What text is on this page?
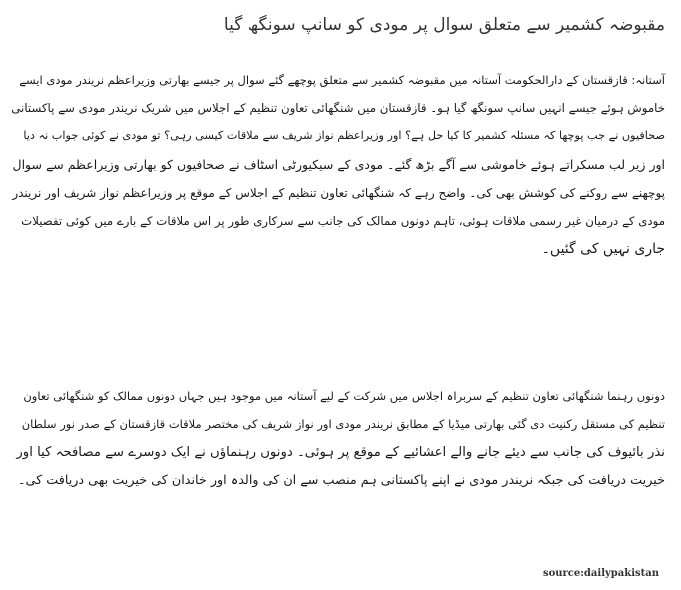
مقبوضہ کشمیر سے متعلق سوال پر مودی کو سانپ سونگھ گیا
آستانہ: قازقستان کے دارالحکومت آستانہ میں مقبوضہ کشمیر سے متعلق پوچھے گئے سوال پر جیسے بھارتی وزیراعظم نریندر مودی ایسے
خاموش ہوئے جیسے انہیں سانپ سونگھ گیا ہو۔ قازقستان میں شنگھائی تعاون تنظیم کے اجلاس میں شریک نریندر مودی سے پاکستانی
صحافیوں نے جب پوچھا کہ مسئلہ کشمیر کا کیا حل ہے؟ اور وزیراعظم نواز شریف سے ملاقات کیسی رہی؟ تو مودی نے کوئی جواب نہ دیا
اور زیر لب مسکراتے ہوئے خاموشی سے آگے بڑھ گئے۔ مودی کے سیکیورٹی اسٹاف نے صحافیوں کو بھارتی وزیراعظم سے سوال
پوچھنے سے روکنے کی کوشش بھی کی۔ واضح رہے کہ شنگھائی تعاون تنظیم کے اجلاس کے موقع پر وزیراعظم نواز شریف اور نریندر
مودی کے درمیان غیر رسمی ملاقات ہوئی، تاہم دونوں ممالک کی جانب سے سرکاری طور پر اس ملاقات کے بارے میں کوئی تفصیلات
جاری نہیں کی گئیں۔
دونوں رہنما شنگھائی تعاون تنظیم کے سربراہ اجلاس میں شرکت کے لیے آستانہ میں موجود ہیں جہاں دونوں ممالک کو شنگھائی تعاون
تنظیم کی مستقل رکنیت دی گئی بھارتی میڈیا کے مطابق نریندر مودی اور نواز شریف کی مختصر ملاقات قازقستان کے صدر نور سلطان
نذر بائیوف کی جانب سے دیئے جانے والے اعشائیے کے موقع پر ہوئی۔ دونوں رہنماؤں نے ایک دوسرے سے مصافحہ کیا اور
خیریت دریافت کی جبکہ نریندر مودی نے اپنے پاکستانی ہم منصب سے ان کی والدہ اور خاندان کی خیریت بھی دریافت کی۔
source:dailypakistan
